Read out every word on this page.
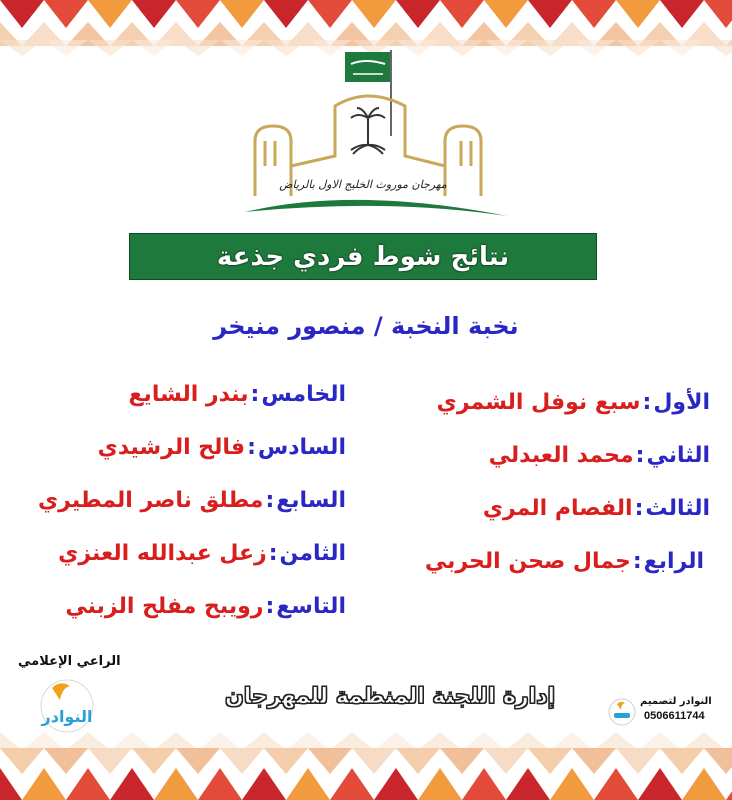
مهرجان موروث الخليج الاول بالرياض
نتائج شوط فردي جذعة
نخبة النخبة / منصور منيخر
الأول
:
سبع نوفل الشمري
الثاني
:
محمد العبدلي
الثالث
:
الفصام المري
الرابع
:
جمال صحن الحربي
الخامس
:
بندر الشايع
السادس
:
فالح الرشيدي
السابع
:
مطلق ناصر المطيري
الثامن
:
زعل عبدالله العنزي
التاسع
:
رويبح مفلح الزبني
الراعي الإعلامي
النوادر
إدارة اللجنة المنظمة للمهرجان	النوادر لتصميم
0506611744
